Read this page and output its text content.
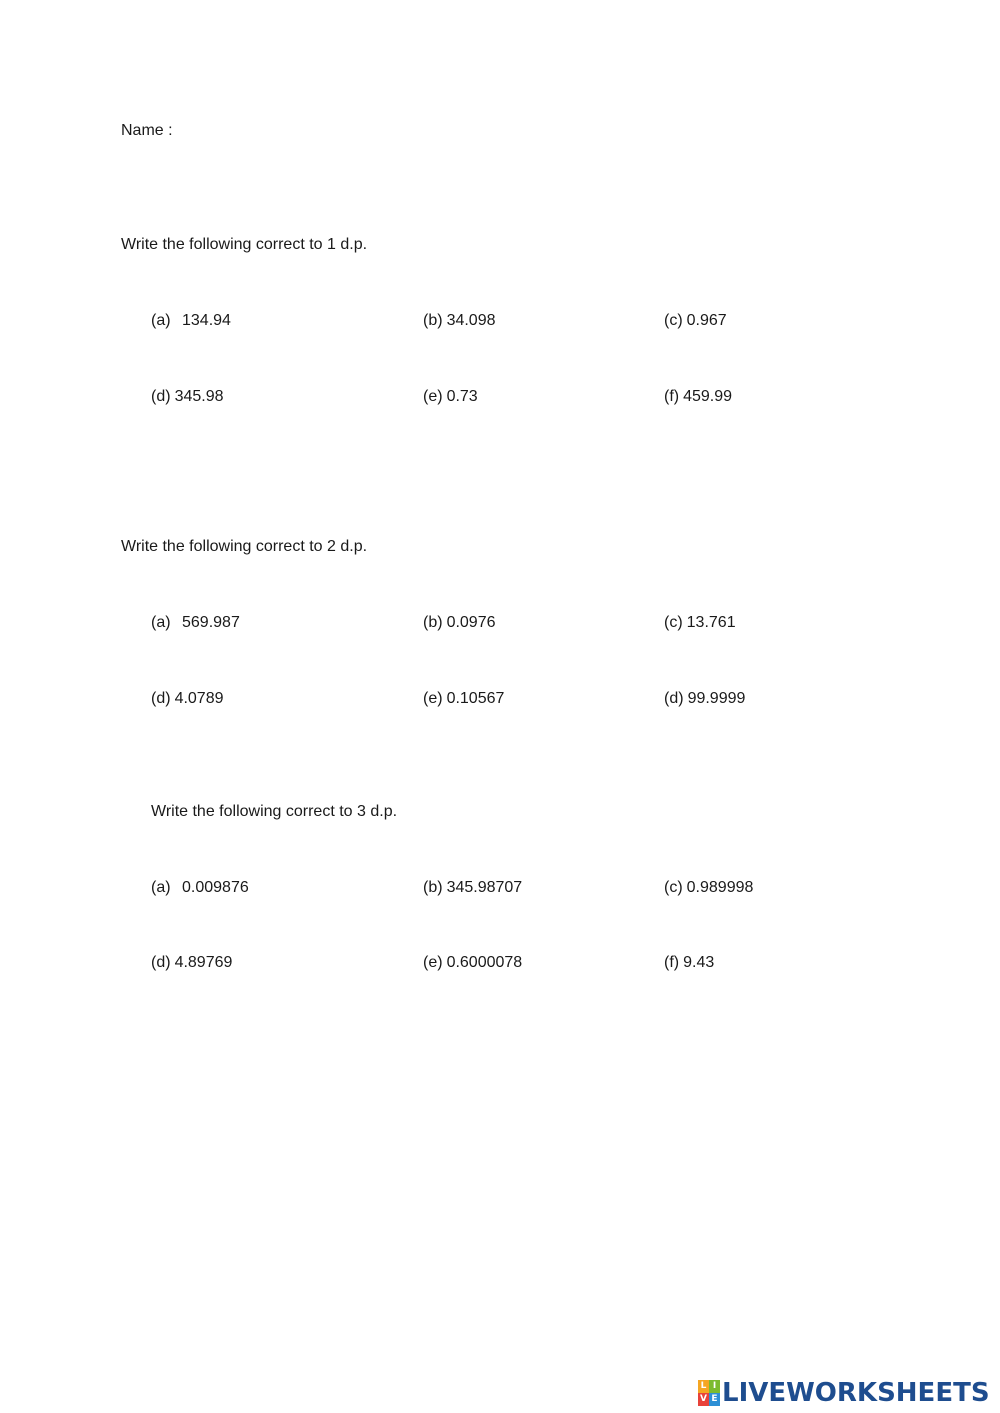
Name :
Write the following correct to 1 d.p.
(a) 134.94	(b) 34.098	(c) 0.967
(d) 345.98	(e) 0.73	(f) 459.99
Write the following correct to 2 d.p.
(a) 569.987	(b) 0.0976	(c) 13.761
(d) 4.0789	(e) 0.10567	(d) 99.9999
Write the following correct to 3 d.p.
(a) 0.009876	(b) 345.98707	(c) 0.989998
(d) 4.89769	(e) 0.6000078	(f) 9.43
L I
V E LIVEWORKSHEETS
